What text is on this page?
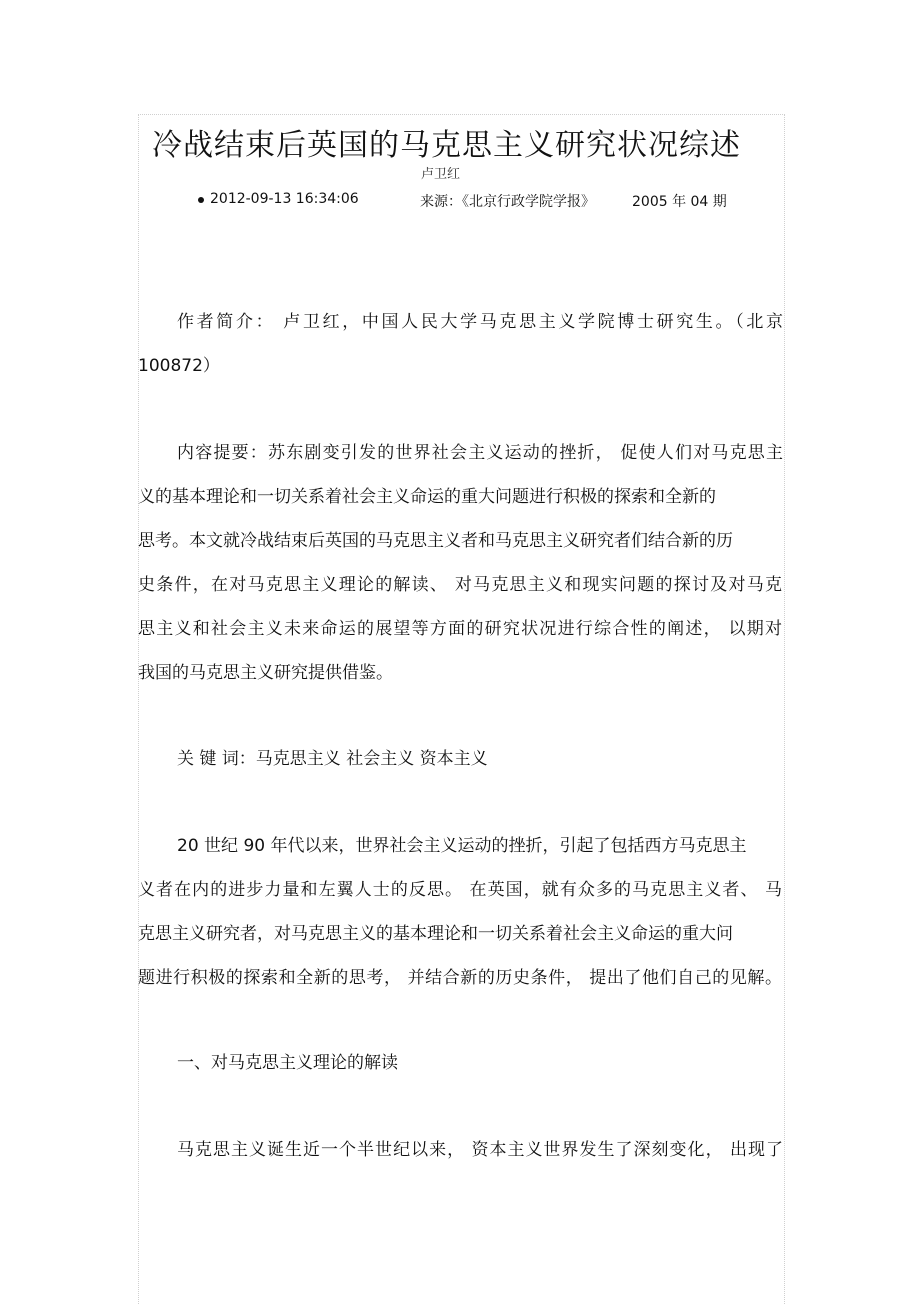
冷战结束后英国的马克思主义研究状况综述
卢卫红
2012-09-13 16:34:06	来源：《北京行政学院学报》	2005 年 04 期
作者简介： 卢卫红，中国人民大学马克思主义学院博士研究生。（北京
100872）
内容提要：苏东剧变引发的世界社会主义运动的挫折， 促使人们对马克思主
义的基本理论和一切关系着社会主义命运的重大问题进行积极的探索和全新的
思考。本文就冷战结束后英国的马克思主义者和马克思主义研究者们结合新的历
史条件，在对马克思主义理论的解读、 对马克思主义和现实问题的探讨及对马克
思主义和社会主义未来命运的展望等方面的研究状况进行综合性的阐述， 以期对
我国的马克思主义研究提供借鉴。
关 键 词：马克思主义 社会主义 资本主义
20 世纪 90 年代以来，世界社会主义运动的挫折，引起了包括西方马克思主
义者在内的进步力量和左翼人士的反思。 在英国，就有众多的马克思主义者、 马
克思主义研究者，对马克思主义的基本理论和一切关系着社会主义命运的重大问
题进行积极的探索和全新的思考， 并结合新的历史条件， 提出了他们自己的见解。
一、对马克思主义理论的解读
马克思主义诞生近一个半世纪以来， 资本主义世界发生了深刻变化， 出现了
